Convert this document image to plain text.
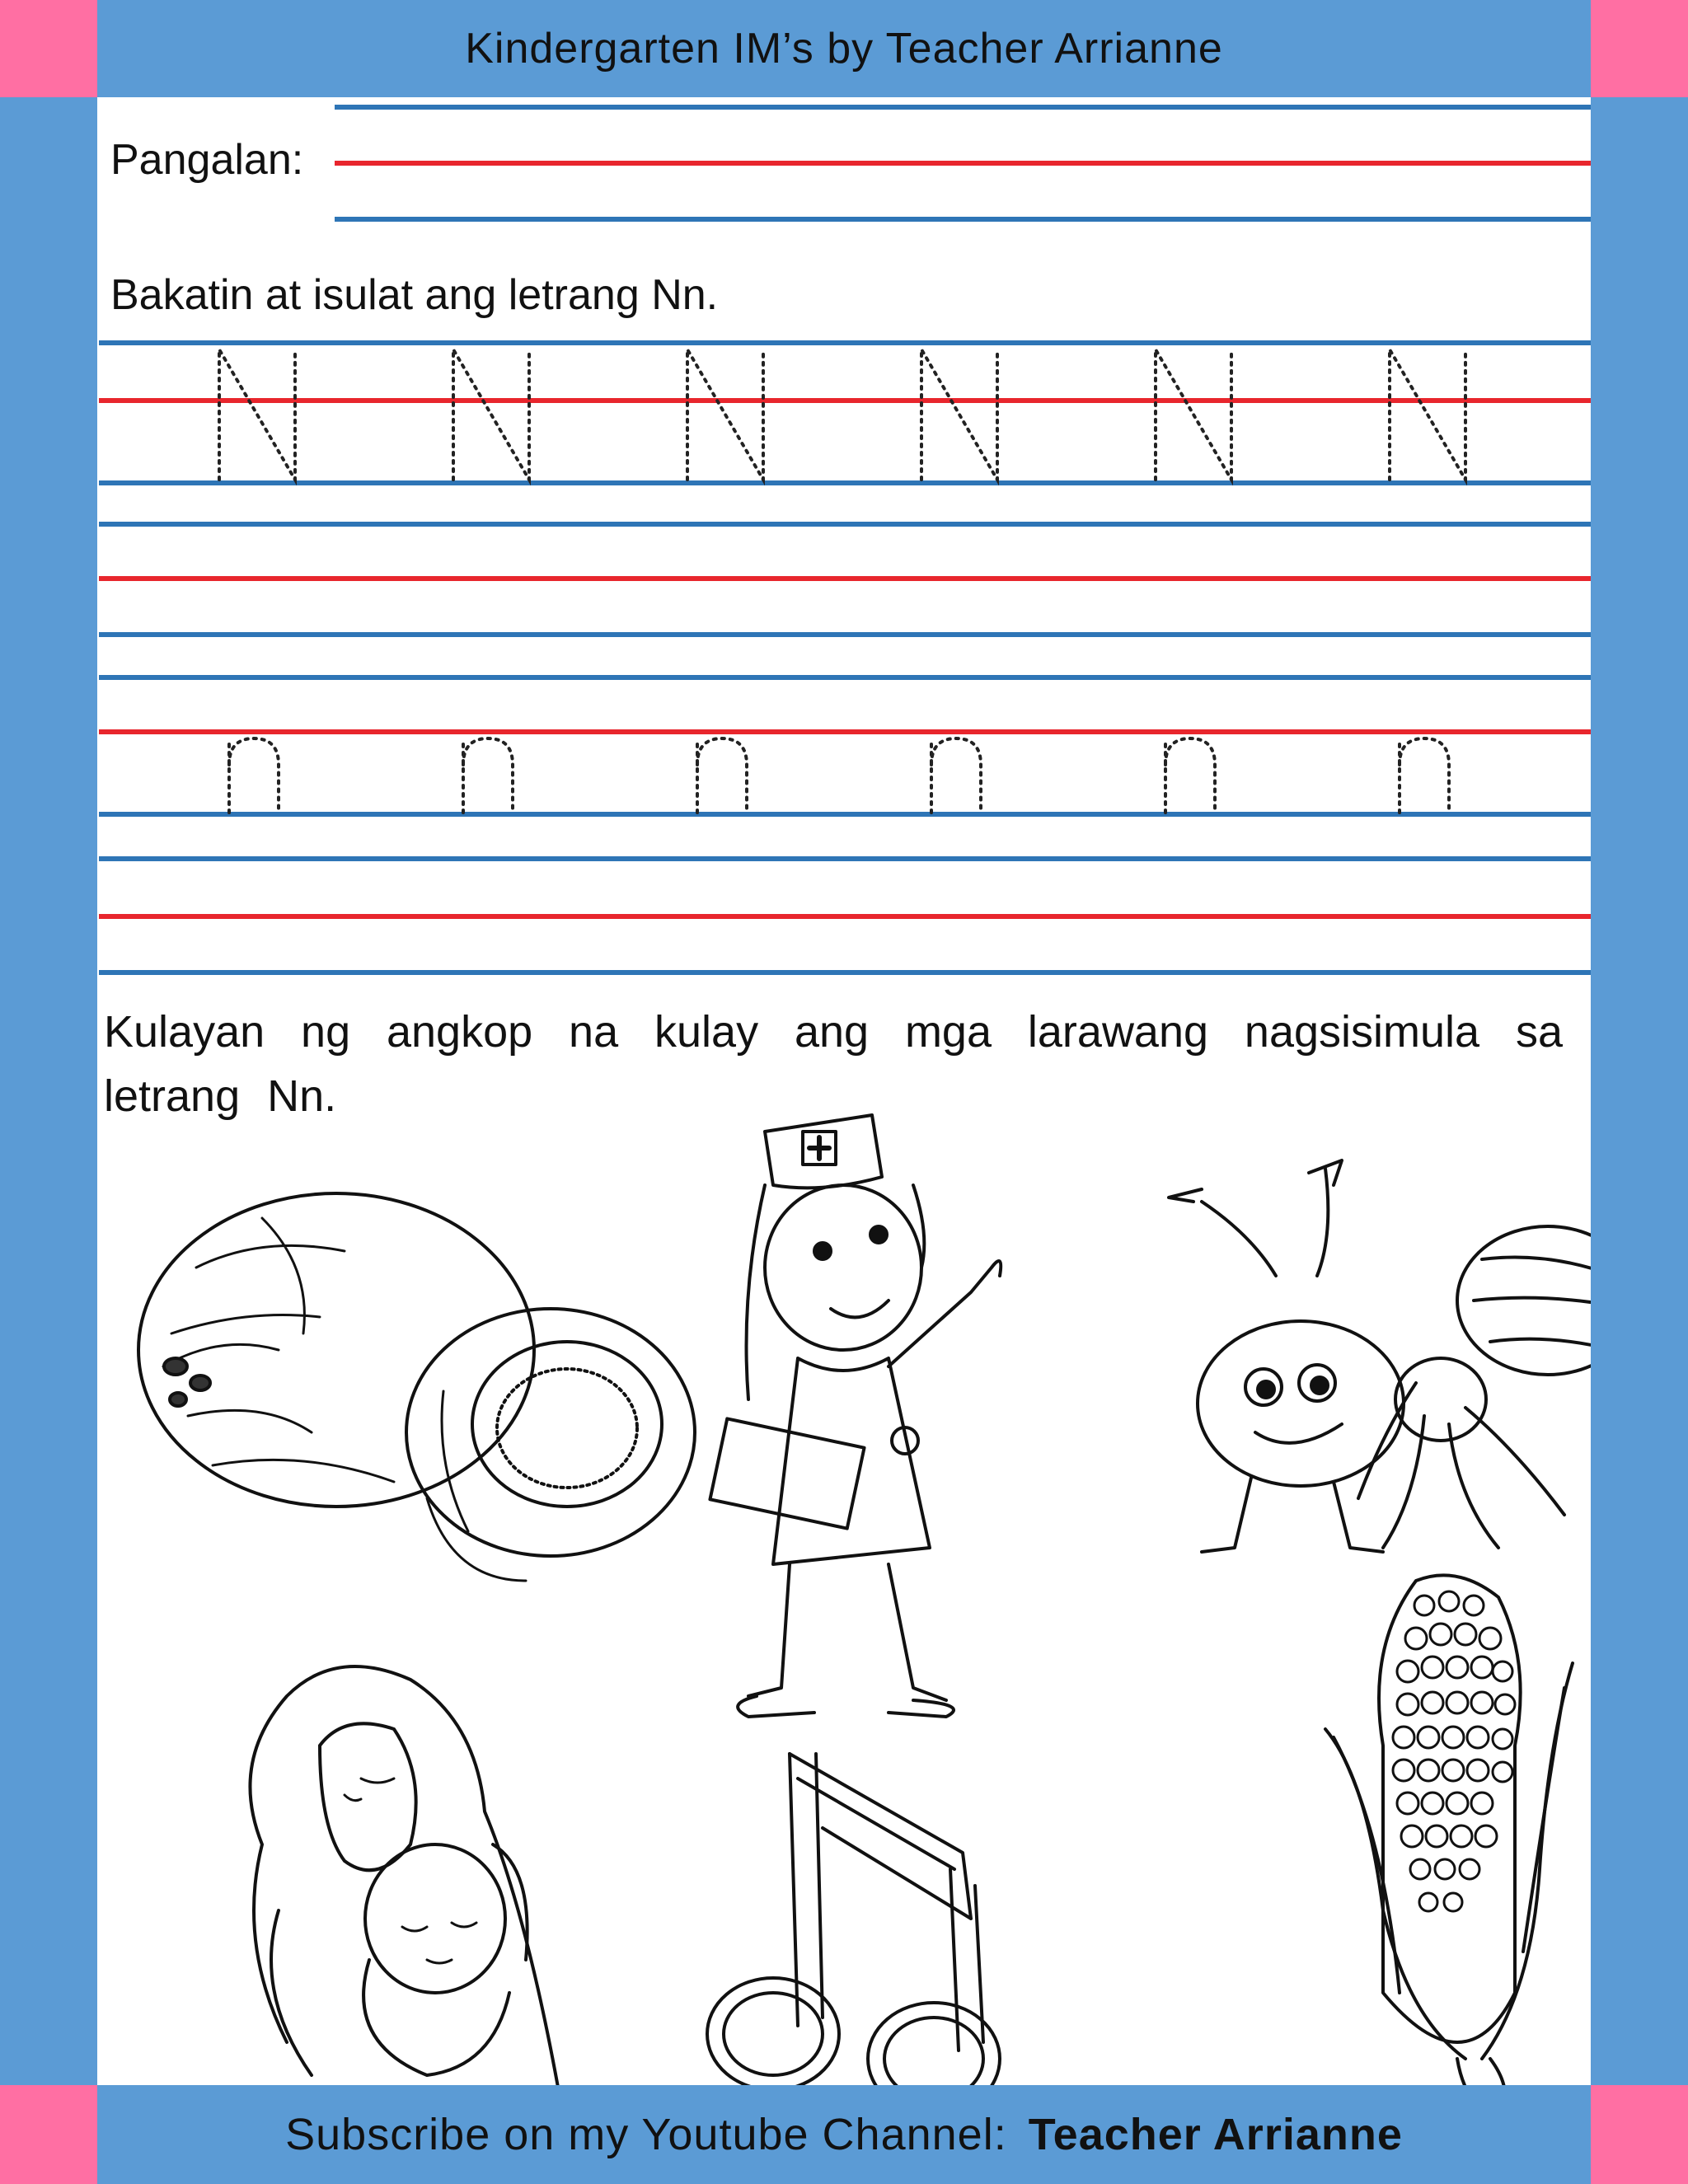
Kindergarten IM’s by Teacher Arrianne
Pangalan:
Bakatin at isulat ang letrang Nn.
Kulayan ng angkop na kulay ang mga larawang nagsisimula sa letrang Nn.
Subscribe on my Youtube Channel: Teacher Arrianne
